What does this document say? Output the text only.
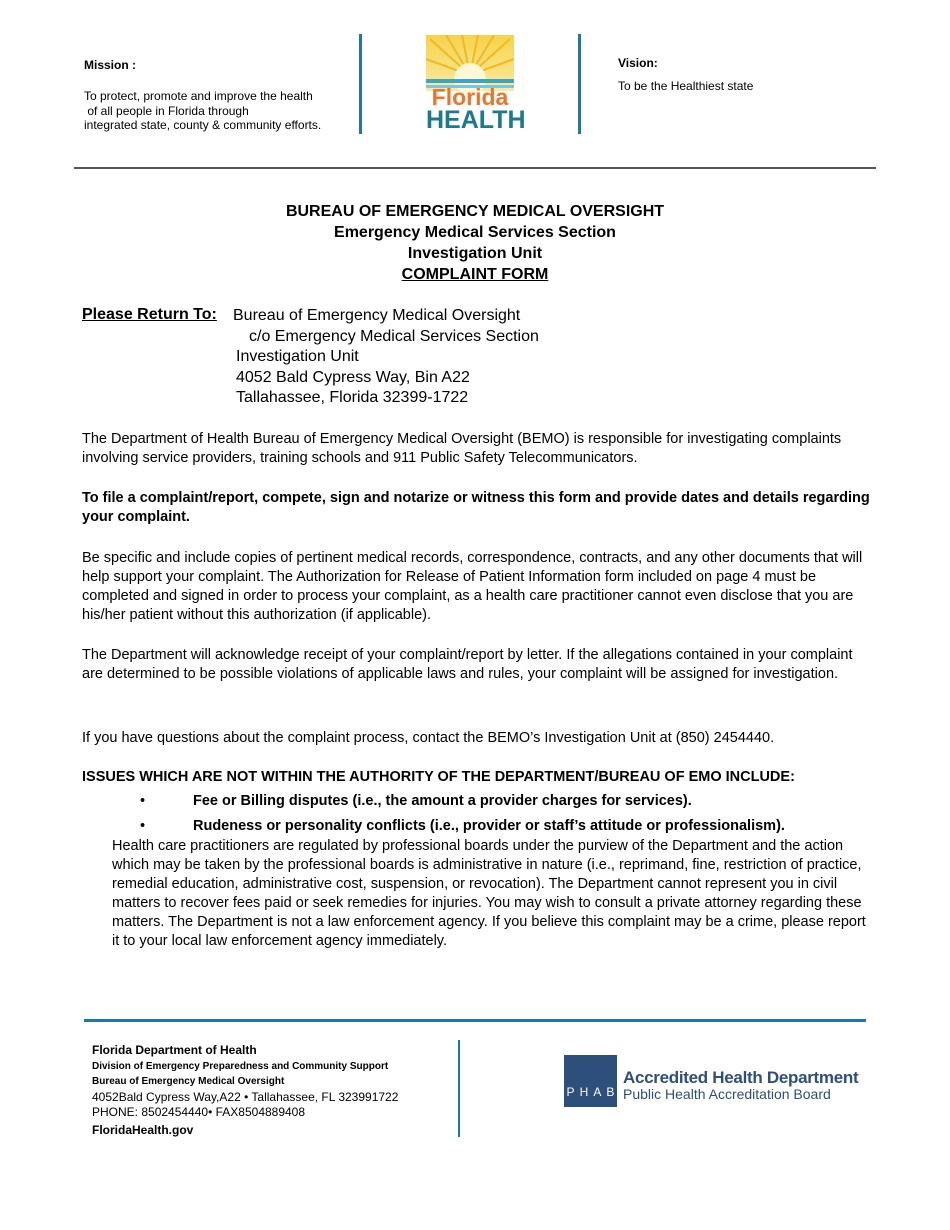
Mission :
To protect, promote and improve the health
of all people in Florida through
integrated state, county & community efforts.
Florida
HEALTH
Vision:
To be the Healthiest state
BUREAU OF EMERGENCY MEDICAL OVERSIGHT
Emergency Medical Services Section
Investigation Unit
COMPLAINT FORM
Please Return To: Bureau of Emergency Medical Oversight
c/o Emergency Medical Services Section
Investigation Unit
4052 Bald Cypress Way, Bin A22
Tallahassee, Florida 32399-1722
The Department of Health Bureau of Emergency Medical Oversight (BEMO) is responsible for investigating complaints involving service providers, training schools and 911 Public Safety Telecommunicators.
To file a complaint/report, compete, sign and notarize or witness this form and provide dates and details regarding your complaint.
Be specific and include copies of pertinent medical records, correspondence, contracts, and any other documents that will help support your complaint. The Authorization for Release of Patient Information form included on page 4 must be completed and signed in order to process your complaint, as a health care practitioner cannot even disclose that you are his/her patient without this authorization (if applicable).
The Department will acknowledge receipt of your complaint/report by letter. If the allegations contained in your complaint are determined to be possible violations of applicable laws and rules, your complaint will be assigned for investigation.
If you have questions about the complaint process, contact the BEMO’s Investigation Unit at (850) 2454440.
ISSUES WHICH ARE NOT WITHIN THE AUTHORITY OF THE DEPARTMENT/BUREAU OF EMO INCLUDE:
•	Fee or Billing disputes (i.e., the amount a provider charges for services).
•	Rudeness or personality conflicts (i.e., provider or staff’s attitude or professionalism).
Health care practitioners are regulated by professional boards under the purview of the Department and the action which may be taken by the professional boards is administrative in nature (i.e., reprimand, fine, restriction of practice, remedial education, administrative cost, suspension, or revocation). The Department cannot represent you in civil matters to recover fees paid or seek remedies for injuries. You may wish to consult a private attorney regarding these matters. The Department is not a law enforcement agency. If you believe this complaint may be a crime, please report it to your local law enforcement agency immediately.
Florida Department of Health
Division of Emergency Preparedness and Community Support
Bureau of Emergency Medical Oversight
4052Bald Cypress Way,A22 • Tallahassee, FL 323991722
PHONE: 8502454440• FAX8504889408
FloridaHealth.gov
P H A B
Accredited Health Department
Public Health Accreditation Board
